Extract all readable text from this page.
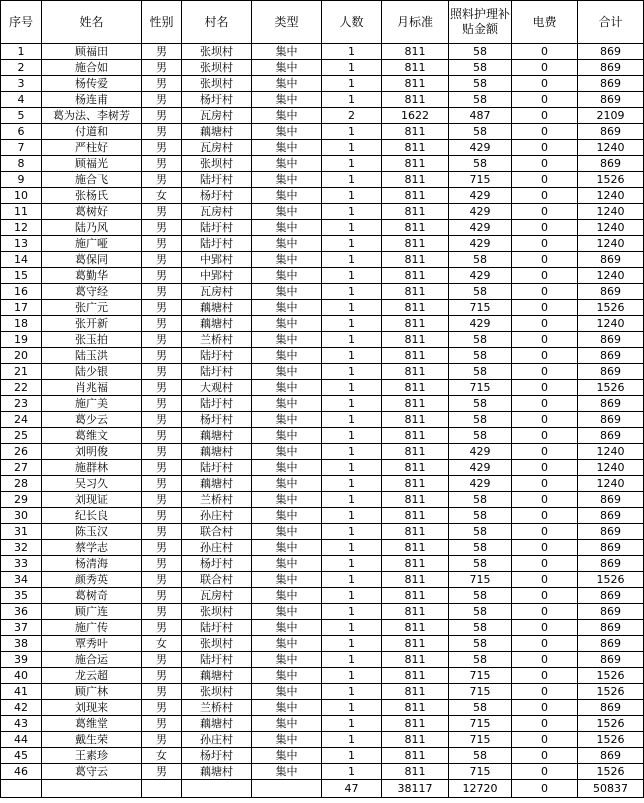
序号	姓名	性别	村名	类型	人数	月标准	照料护理补贴金额	电费	合计
1	顾福田	男	张坝村	集中	1	811	58	0	869
2	施合如	男	张坝村	集中	1	811	58	0	869
3	杨传爱	男	张坝村	集中	1	811	58	0	869
4	杨连甫	男	杨圩村	集中	1	811	58	0	869
5	葛为法、李树芳	男	瓦房村	集中	2	1622	487	0	2109
6	付道和	男	藕塘村	集中	1	811	58	0	869
7	严柱好	男	瓦房村	集中	1	811	429	0	1240
8	顾福光	男	张坝村	集中	1	811	58	0	869
9	施合飞	男	陆圩村	集中	1	811	715	0	1526
10	张杨氏	女	杨圩村	集中	1	811	429	0	1240
11	葛树好	男	瓦房村	集中	1	811	429	0	1240
12	陆乃风	男	陆圩村	集中	1	811	429	0	1240
13	施广哑	男	陆圩村	集中	1	811	429	0	1240
14	葛保同	男	中郢村	集中	1	811	58	0	869
15	葛勤华	男	中郢村	集中	1	811	429	0	1240
16	葛守经	男	瓦房村	集中	1	811	58	0	869
17	张广元	男	藕塘村	集中	1	811	715	0	1526
18	张开新	男	藕塘村	集中	1	811	429	0	1240
19	张玉拍	男	兰桥村	集中	1	811	58	0	869
20	陆玉洪	男	陆圩村	集中	1	811	58	0	869
21	陆少银	男	陆圩村	集中	1	811	58	0	869
22	肖兆福	男	大观村	集中	1	811	715	0	1526
23	施广美	男	陆圩村	集中	1	811	58	0	869
24	葛少云	男	杨圩村	集中	1	811	58	0	869
25	葛维文	男	藕塘村	集中	1	811	58	0	869
26	刘明俊	男	藕塘村	集中	1	811	429	0	1240
27	施群林	男	陆圩村	集中	1	811	429	0	1240
28	吴习久	男	藕塘村	集中	1	811	429	0	1240
29	刘现证	男	兰桥村	集中	1	811	58	0	869
30	纪长良	男	孙庄村	集中	1	811	58	0	869
31	陈玉汉	男	联合村	集中	1	811	58	0	869
32	蔡学志	男	孙庄村	集中	1	811	58	0	869
33	杨清海	男	杨圩村	集中	1	811	58	0	869
34	颜秀英	男	联合村	集中	1	811	715	0	1526
35	葛树奇	男	瓦房村	集中	1	811	58	0	869
36	顾广连	男	张坝村	集中	1	811	58	0	869
37	施广传	男	陆圩村	集中	1	811	58	0	869
38	覃秀叶	女	张坝村	集中	1	811	58	0	869
39	施合运	男	陆圩村	集中	1	811	58	0	869
40	龙云超	男	藕塘村	集中	1	811	715	0	1526
41	顾广林	男	张坝村	集中	1	811	715	0	1526
42	刘现来	男	兰桥村	集中	1	811	58	0	869
43	葛维堂	男	藕塘村	集中	1	811	715	0	1526
44	戴生荣	男	孙庄村	集中	1	811	715	0	1526
45	王素珍	女	杨圩村	集中	1	811	58	0	869
46	葛守云	男	藕塘村	集中	1	811	715	0	1526
					47	38117	12720	0	50837
